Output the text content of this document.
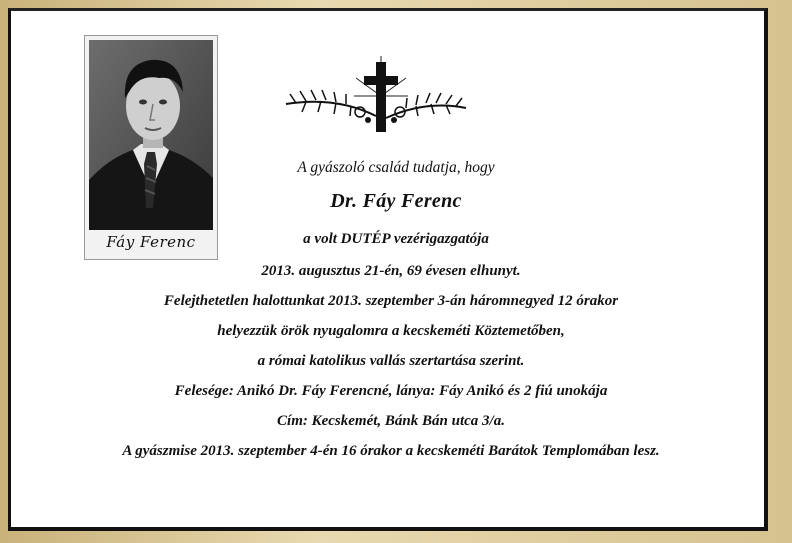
Fáy Ferenc
A gyászoló család tudatja, hogy
Dr. Fáy Ferenc
a volt DUTÉP vezérigazgatója
2013. augusztus 21-én, 69 évesen elhunyt.
Felejthetetlen halottunkat 2013. szeptember 3-án háromnegyed 12 órakor
helyezzük örök nyugalomra a kecskeméti Köztemetőben,
a római katolikus vallás szertartása szerint.
Felesége: Anikó Dr. Fáy Ferencné, lánya: Fáy Anikó és 2 fiú unokája
Cím: Kecskemét, Bánk Bán utca 3/a.
A gyászmise 2013. szeptember 4-én 16 órakor a kecskeméti Barátok Templomában lesz.
